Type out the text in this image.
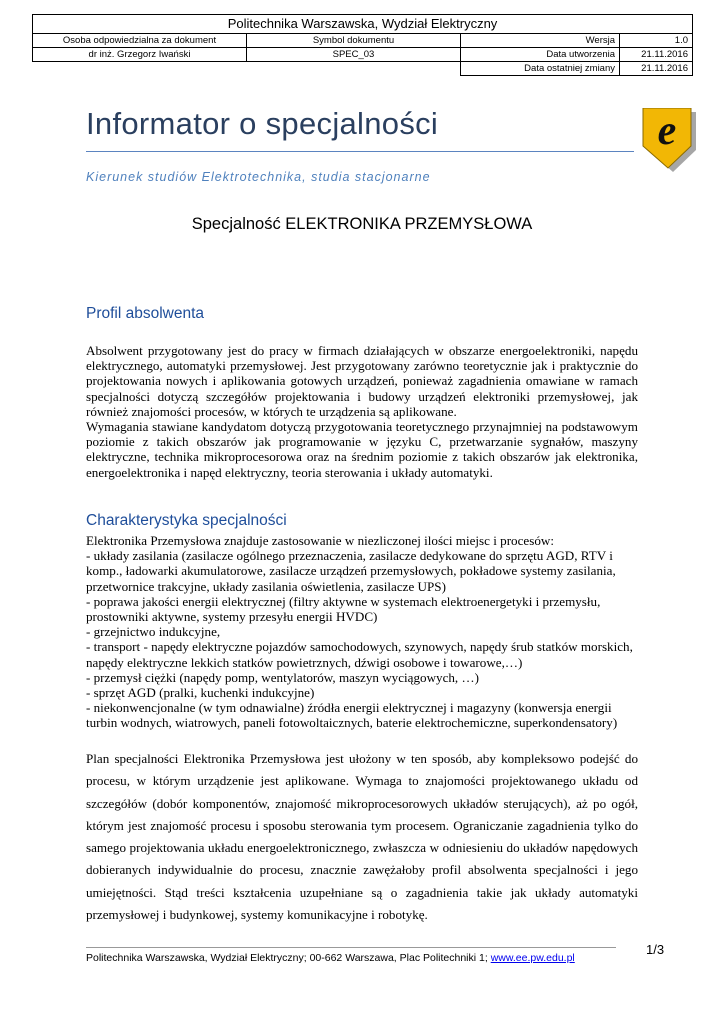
Politechnika Warszawska, Wydział Elektryczny			
Osoba odpowiedzialna za dokument	Symbol dokumentu	Wersja	1.0
dr inż. Grzegorz Iwański	SPEC_03	Data utworzenia	21.11.2016
		Data ostatniej zmiany	21.11.2016
Informator o specjalności	e
Kierunek studiów Elektrotechnika, studia stacjonarne
Specjalność ELEKTRONIKA PRZEMYSŁOWA
Profil absolwenta

Absolwent przygotowany jest do pracy w firmach działających w obszarze energoelektroniki, napędu elektrycznego, automatyki przemysłowej. Jest przygotowany zarówno teoretycznie jak i praktycznie do projektowania nowych i aplikowania gotowych urządzeń, ponieważ zagadnienia omawiane w ramach specjalności dotyczą szczegółów projektowania i budowy urządzeń elektroniki przemysłowej, jak również znajomości procesów, w których te urządzenia są aplikowane.

Wymagania stawiane kandydatom dotyczą przygotowania teoretycznego przynajmniej na podstawowym poziomie z takich obszarów jak programowanie w języku C, przetwarzanie sygnałów, maszyny elektryczne, technika mikroprocesorowa oraz na średnim poziomie z takich obszarów jak elektronika, energoelektronika i napęd elektryczny, teoria sterowania i układy automatyki.

Charakterystyka specjalności
Elektronika Przemysłowa znajduje zastosowanie w niezliczonej ilości miejsc i procesów:
- układy zasilania (zasilacze ogólnego przeznaczenia, zasilacze dedykowane do sprzętu AGD, RTV i komp., ładowarki akumulatorowe, zasilacze urządzeń przemysłowych, pokładowe systemy zasilania, przetwornice trakcyjne, układy zasilania oświetlenia, zasilacze UPS)
- poprawa jakości energii elektrycznej (filtry aktywne w systemach elektroenergetyki i przemysłu, prostowniki aktywne, systemy przesyłu energii HVDC)
- grzejnictwo indukcyjne,
- transport - napędy elektryczne pojazdów samochodowych, szynowych, napędy śrub statków morskich, napędy elektryczne lekkich statków powietrznych, dźwigi osobowe i towarowe,…)
- przemysł ciężki (napędy pomp, wentylatorów, maszyn wyciągowych, …)
- sprzęt AGD (pralki, kuchenki indukcyjne)
- niekonwencjonalne (w tym odnawialne) źródła energii elektrycznej i magazyny (konwersja energii turbin wodnych, wiatrowych, paneli fotowoltaicznych, baterie elektrochemiczne, superkondensatory)
Plan specjalności Elektronika Przemysłowa jest ułożony w ten sposób, aby kompleksowo podejść do procesu, w którym urządzenie jest aplikowane. Wymaga to znajomości projektowanego układu od szczegółów (dobór komponentów, znajomość mikroprocesorowych układów sterujących), aż po ogół, którym jest znajomość procesu i sposobu sterowania tym procesem. Ograniczanie zagadnienia tylko do samego projektowania układu energoelektronicznego, zwłaszcza w odniesieniu do układów napędowych dobieranych indywidualnie do procesu, znacznie zawężałoby profil absolwenta specjalności i jego umiejętności. Stąd treści kształcenia uzupełniane są o zagadnienia takie jak układy automatyki przemysłowej i budynkowej, systemy komunikacyjne i robotykę.
1/3
Politechnika Warszawska, Wydział Elektryczny; 00-662 Warszawa, Plac Politechniki 1; www.ee.pw.edu.pl
